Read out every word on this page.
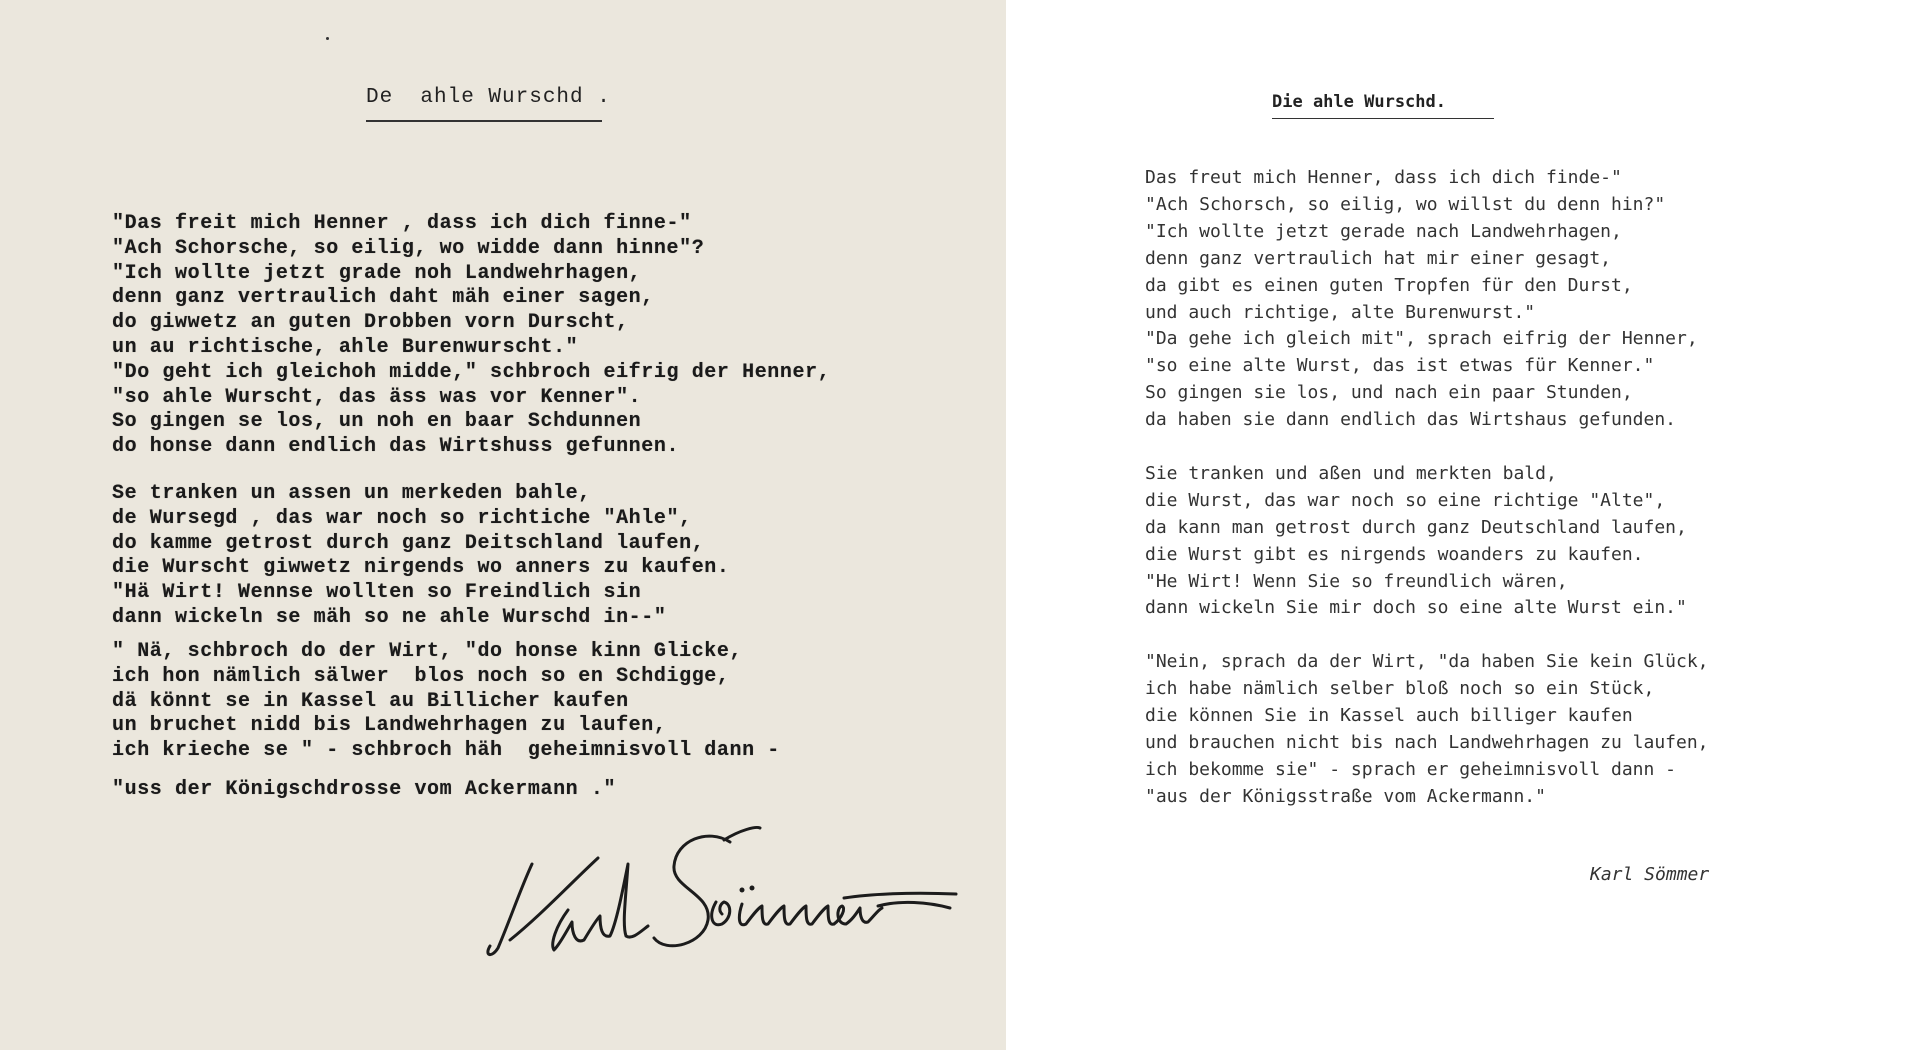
De  ahle Wurschd .
"Das freit mich Henner , dass ich dich finne-"
"Ach Schorsche, so eilig, wo widde dann hinne"?
"Ich wollte jetzt grade noh Landwehrhagen,
denn ganz vertraulich daht mäh einer sagen,
do giwwetz an guten Drobben vorn Durscht,
un au richtische, ahle Burenwurscht."
"Do geht ich gleichoh midde," schbroch eifrig der Henner,
"so ahle Wurscht, das äss was vor Kenner".
So gingen se los, un noh en baar Schdunnen
do honse dann endlich das Wirtshuss gefunnen.
Se tranken un assen un merkeden bahle,
de Wursegd , das war noch so richtiche "Ahle",
do kamme getrost durch ganz Deitschland laufen,
die Wurscht giwwetz nirgends wo anners zu kaufen.
"Hä Wirt! Wennse wollten so Freindlich sin
dann wickeln se mäh so ne ahle Wurschd in--"
" Nä, schbroch do der Wirt, "do honse kinn Glicke,
ich hon nämlich sälwer  blos noch so en Schdigge,
dä könnt se in Kassel au Billicher kaufen
un bruchet nidd bis Landwehrhagen zu laufen,
ich krieche se " - schbroch häh  geheimnisvoll dann -
"uss der Königschdrosse vom Ackermann ."
Die ahle Wurschd.
Das freut mich Henner, dass ich dich finde-"
"Ach Schorsch, so eilig, wo willst du denn hin?"
"Ich wollte jetzt gerade nach Landwehrhagen,
denn ganz vertraulich hat mir einer gesagt,
da gibt es einen guten Tropfen für den Durst,
und auch richtige, alte Burenwurst."
"Da gehe ich gleich mit", sprach eifrig der Henner,
"so eine alte Wurst, das ist etwas für Kenner."
So gingen sie los, und nach ein paar Stunden,
da haben sie dann endlich das Wirtshaus gefunden.
Sie tranken und aßen und merkten bald,
die Wurst, das war noch so eine richtige "Alte",
da kann man getrost durch ganz Deutschland laufen,
die Wurst gibt es nirgends woanders zu kaufen.
"He Wirt! Wenn Sie so freundlich wären,
dann wickeln Sie mir doch so eine alte Wurst ein."
"Nein, sprach da der Wirt, "da haben Sie kein Glück,
ich habe nämlich selber bloß noch so ein Stück,
die können Sie in Kassel auch billiger kaufen
und brauchen nicht bis nach Landwehrhagen zu laufen,
ich bekomme sie" - sprach er geheimnisvoll dann -
"aus der Königsstraße vom Ackermann."
Karl Sömmer
